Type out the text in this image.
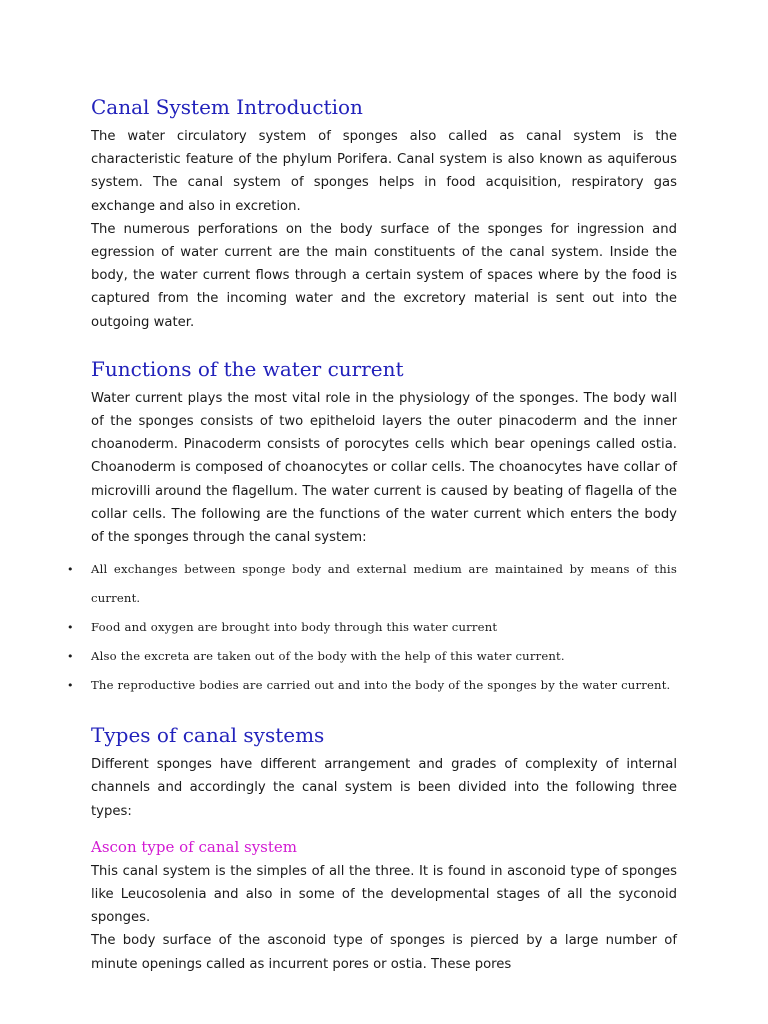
Canal System Introduction

The water circulatory system of sponges also called as canal system is the characteristic feature of the phylum Porifera. Canal system is also known as aquiferous system. The canal system of sponges helps in food acquisition, respiratory gas exchange and also in excretion.

The numerous perforations on the body surface of the sponges for ingression and egression of water current are the main constituents of the canal system. Inside the body, the water current flows through a certain system of spaces where by the food is captured from the incoming water and the excretory material is sent out into the outgoing water.

Functions of the water current

Water current plays the most vital role in the physiology of the sponges. The body wall of the sponges consists of two epitheloid layers the outer pinacoderm and the inner choanoderm. Pinacoderm consists of porocytes cells which bear openings called ostia. Choanoderm is composed of choanocytes or collar cells. The choanocytes have collar of microvilli around the flagellum. The water current is caused by beating of flagella of the collar cells. The following are the functions of the water current which enters the body of the sponges through the canal system:

•	All exchanges between sponge body and external medium are maintained by means of this current.
•	Food and oxygen are brought into body through this water current
•	Also the excreta are taken out of the body with the help of this water current.
•	The reproductive bodies are carried out and into the body of the sponges by the water current.
Types of canal systems

Different sponges have different arrangement and grades of complexity of internal channels and accordingly the canal system is been divided into the following three types:

Ascon type of canal system

This canal system is the simples of all the three. It is found in asconoid type of sponges like Leucosolenia and also in some of the developmental stages of all the syconoid sponges.

The body surface of the asconoid type of sponges is pierced by a large number of minute openings called as incurrent pores or ostia. These pores
